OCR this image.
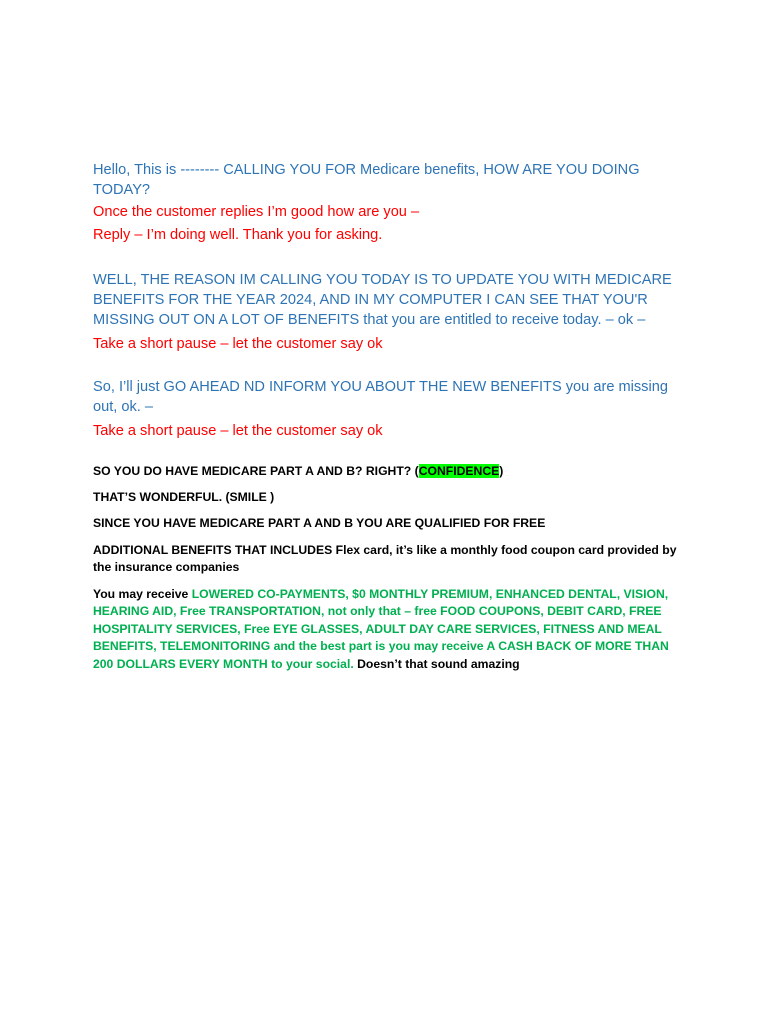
Hello, This is -------- CALLING YOU FOR Medicare benefits, HOW ARE YOU DOING TODAY?

Once the customer replies I’m good how are you –

Reply – I’m doing well. Thank you for asking.

WELL, THE REASON IM CALLING YOU TODAY IS TO UPDATE YOU WITH MEDICARE BENEFITS FOR THE YEAR 2024, AND IN MY COMPUTER I CAN SEE THAT YOU'R MISSING OUT ON A LOT OF BENEFITS that you are entitled to receive today. – ok –

Take a short pause – let the customer say ok

So, I’ll just GO AHEAD ND INFORM YOU ABOUT THE NEW BENEFITS you are missing out, ok. –

Take a short pause – let the customer say ok

SO YOU DO HAVE MEDICARE PART A AND B? RIGHT? (CONFIDENCE)

THAT’S WONDERFUL. (SMILE )

SINCE YOU HAVE MEDICARE PART A AND B YOU ARE QUALIFIED FOR FREE

ADDITIONAL BENEFITS THAT INCLUDES Flex card, it’s like a monthly food coupon card provided by the insurance companies

You may receive LOWERED CO-PAYMENTS, $0 MONTHLY PREMIUM, ENHANCED DENTAL, VISION, HEARING AID, Free TRANSPORTATION, not only that – free FOOD COUPONS, DEBIT CARD, FREE HOSPITALITY SERVICES, Free EYE GLASSES, ADULT DAY CARE SERVICES, FITNESS AND MEAL BENEFITS, TELEMONITORING and the best part is you may receive A CASH BACK OF MORE THAN 200 DOLLARS EVERY MONTH to your social. Doesn’t that sound amazing
